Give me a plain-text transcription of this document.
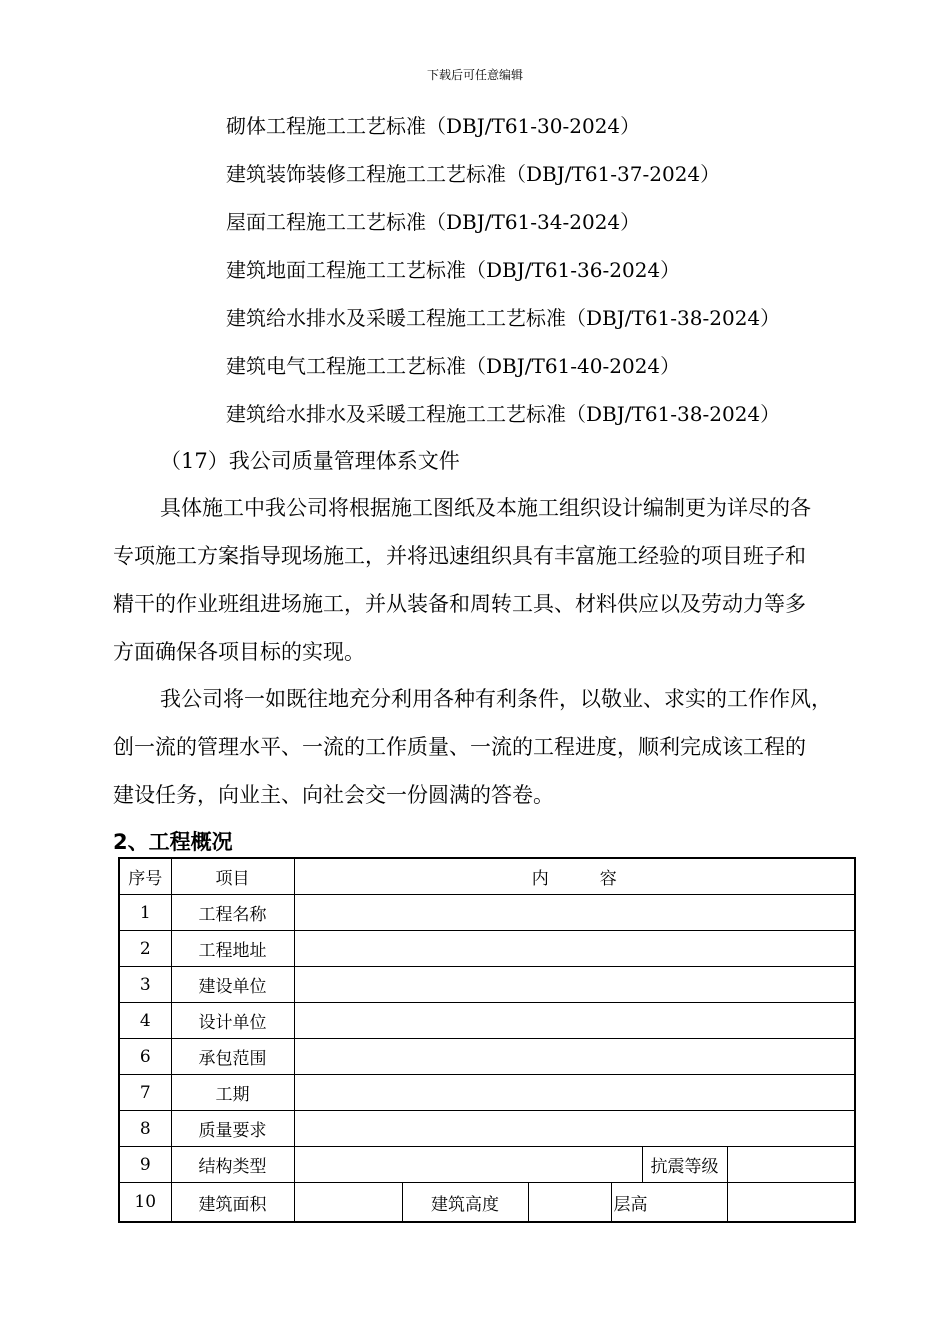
下载后可任意编辑
砌体工程施工工艺标准（DBJ/T61-30-2024）
建筑装饰装修工程施工工艺标准（DBJ/T61-37-2024）
屋面工程施工工艺标准（DBJ/T61-34-2024）
建筑地面工程施工工艺标准（DBJ/T61-36-2024）
建筑给水排水及采暖工程施工工艺标准（DBJ/T61-38-2024）
建筑电气工程施工工艺标准（DBJ/T61-40-2024）
建筑给水排水及采暖工程施工工艺标准（DBJ/T61-38-2024）
（17）我公司质量管理体系文件
具体施工中我公司将根据施工图纸及本施工组织设计编制更为详尽的各
专项施工方案指导现场施工，并将迅速组织具有丰富施工经验的项目班子和
精干的作业班组进场施工，并从装备和周转工具、材料供应以及劳动力等多
方面确保各项目标的实现。
我公司将一如既往地充分利用各种有利条件，以敬业、求实的工作作风，
创一流的管理水平、一流的工作质量、一流的工程进度，顺利完成该工程的
建设任务，向业主、向社会交一份圆满的答卷。
2、工程概况
序号	项目	内　　　容					
1	工程名称						
2	工程地址						
3	建设单位						
4	设计单位						
6	承包范围						
7	工期						
8	质量要求						
9	结构类型					抗震等级	
10	建筑面积		建筑高度		层高		
